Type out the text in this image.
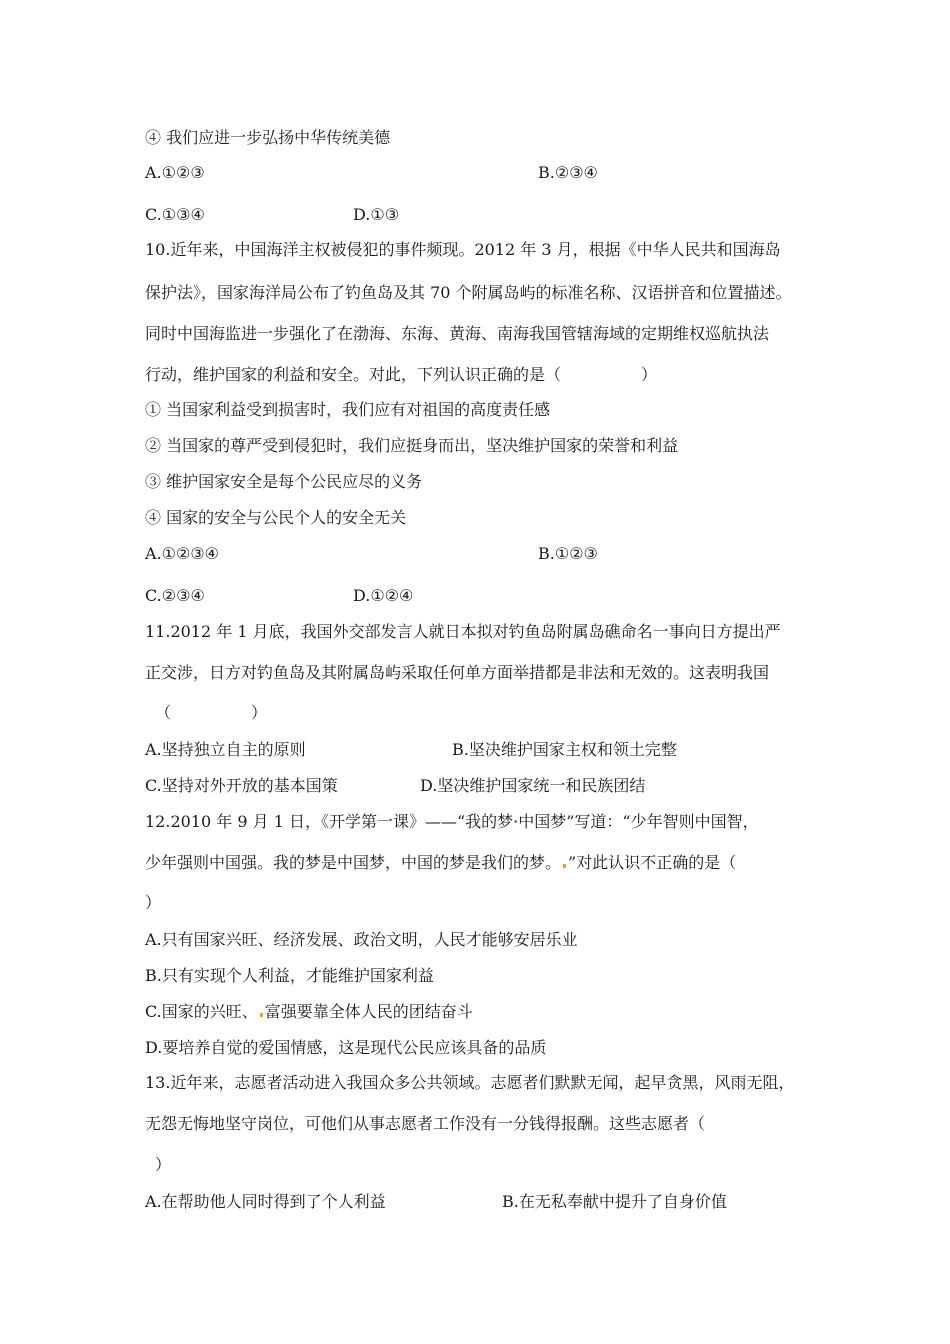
④ 我们应进一步弘扬中华传统美德
A.①②③	B.②③④
C.①③④	D.①③
10.近年来，中国海洋主权被侵犯的事件频现。2012 年 3 月，根据《中华人民共和国海岛
保护法》，国家海洋局公布了钓鱼岛及其 70 个附属岛屿的标准名称、汉语拼音和位置描述。
同时中国海监进一步强化了在渤海、东海、黄海、南海我国管辖海域的定期维权巡航执法
行动，维护国家的利益和安全。对此，下列认识正确的是（　　　　　）
① 当国家利益受到损害时，我们应有对祖国的高度责任感
② 当国家的尊严受到侵犯时，我们应挺身而出，坚决维护国家的荣誉和利益
③ 维护国家安全是每个公民应尽的义务
④ 国家的安全与公民个人的安全无关
A.①②③④	B.①②③
C.②③④	D.①②④
11.2012 年 1 月底，我国外交部发言人就日本拟对钓鱼岛附属岛礁命名一事向日方提出严
正交涉，日方对钓鱼岛及其附属岛屿采取任何单方面举措都是非法和无效的。这表明我国
（　　　　　）
A.坚持独立自主的原则	B.坚决维护国家主权和领土完整
C.坚持对外开放的基本国策	D.坚决维护国家统一和民族团结
12.2010 年 9 月 1 日，《开学第一课》——“我的梦·中国梦”写道：“少年智则中国智，
少年强则中国强。我的梦是中国梦，中国的梦是我们的梦。 ”对此认识不正确的是（
）
A.只有国家兴旺、经济发展、政治文明，人民才能够安居乐业
B.只有实现个人利益，才能维护国家利益
C.国家的兴旺、 富强要靠全体人民的团结奋斗
D.要培养自觉的爱国情感，这是现代公民应该具备的品质
13.近年来，志愿者活动进入我国众多公共领域。志愿者们默默无闻，起早贪黑，风雨无阻，
无怨无悔地坚守岗位，可他们从事志愿者工作没有一分钱得报酬。这些志愿者（
）
A.在帮助他人同时得到了个人利益	B.在无私奉献中提升了自身价值
